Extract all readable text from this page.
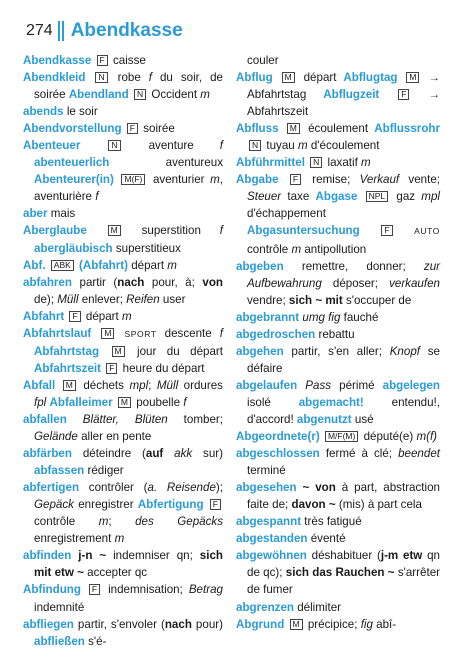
274 Abendkasse

Abendkasse F caisse

Abendkleid N robe f du soir, de soirée Abendland N Occident m

abends le soir

Abendvorstellung F soirée

Abenteuer	N aventure f abenteuerlich aventureux Abenteurer(in) M(F) aventurier m, aventurière f

aber mais

Aberglaube	M superstition f abergläubisch superstitieux

Abf. ABK (Abfahrt) départ m

abfahren partir (nach pour, à; von de); Müll enlever; Reifen user

Abfahrt F départ m

Abfahrtslauf M SPORT descente f Abfahrtstag M jour du départ Abfahrtszeit F heure du départ

Abfall M déchets mpl; Müll ordures fpl Abfalleimer M poubelle f

abfallen Blätter, Blüten tomber; Gelände aller en pente

abfärben déteindre (auf akk sur) abfassen rédiger

abfertigen contrôler (a. Reisende); Gepäck enregistrer Abfertigung F contrôle m; des Gepäcks enregistrement m

abfinden j-n ~ indemniser qn; sich mit etw ~ accepter qc

Abfindung F indemnisation; Betrag indemnité

abfliegen partir, s'envoler (nach pour) abfließen s'é-

couler

Abflug M départ Abflugtag M → Abfahrtstag Abflugzeit	F → Abfahrtszeit

Abfluss M écoulement Abflussrohr N tuyau m d'écoulement

Abführmittel N laxatif m

Abgabe F remise; Verkauf vente; Steuer taxe Abgase NPL gaz mpl d'échappement Abgasuntersuchung	F	AUTO contrôle m antipollution

abgeben remettre, donner; zur Aufbewahrung déposer; verkaufen vendre; sich ~ mit s'occuper de

abgebrannt umg fig fauché

abgedroschen rebattu

abgehen partir, s'en aller; Knopf se défaire

abgelaufen Pass périmé abgelegen isolé abgemacht! entendu!, d'accord! abgenutzt usé

Abgeordnete(r) M/F(M) député(e) m(f)

abgeschlossen fermé à clé; beendet terminé

abgesehen ~ von à part, abstraction faite de; davon ~ (mis) à part cela

abgespannt très fatigué

abgestanden éventé

abgewöhnen déshabituer (j-m etw qn de qc); sich das Rauchen ~ s'arrêter de fumer

abgrenzen délimiter

Abgrund M précipice; fig abî-
